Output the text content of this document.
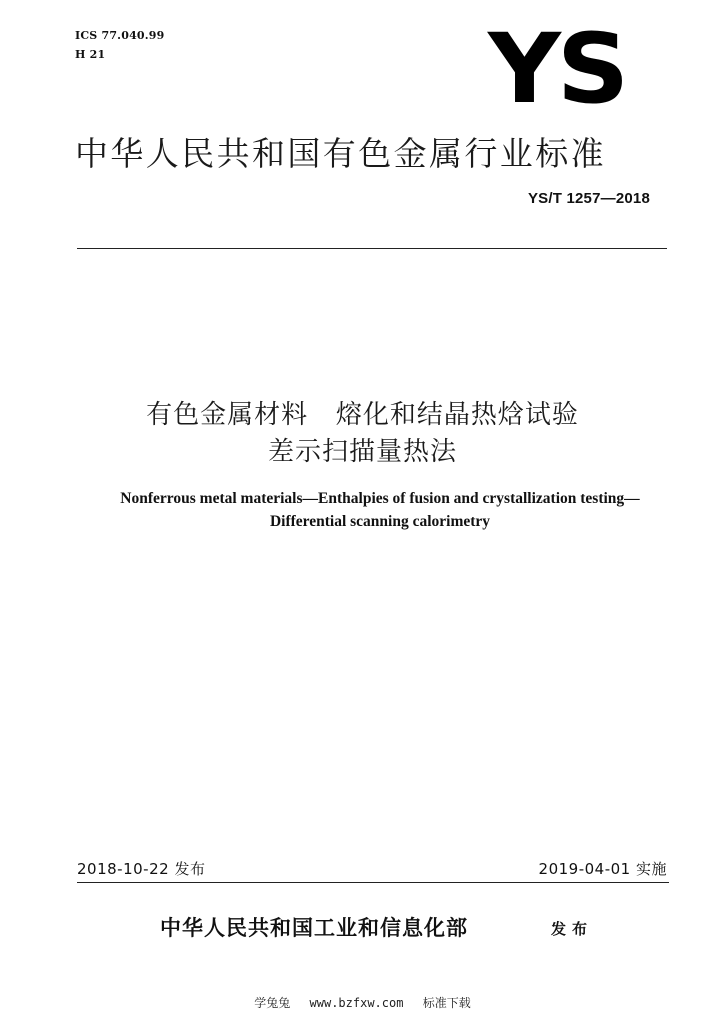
ICS 77.040.99
H 21	YS
中华人民共和国有色金属行业标准
YS/T 1257—2018
有色金属材料   熔化和结晶热焓试验
差示扫描量热法
Nonferrous metal materials—Enthalpies of fusion and crystallization testing—
Differential scanning calorimetry
2018-10-22 发布	2019-04-01 实施
中华人民共和国工业和信息化部	发布
学兔兔 www.bzfxw.com 标准下载
